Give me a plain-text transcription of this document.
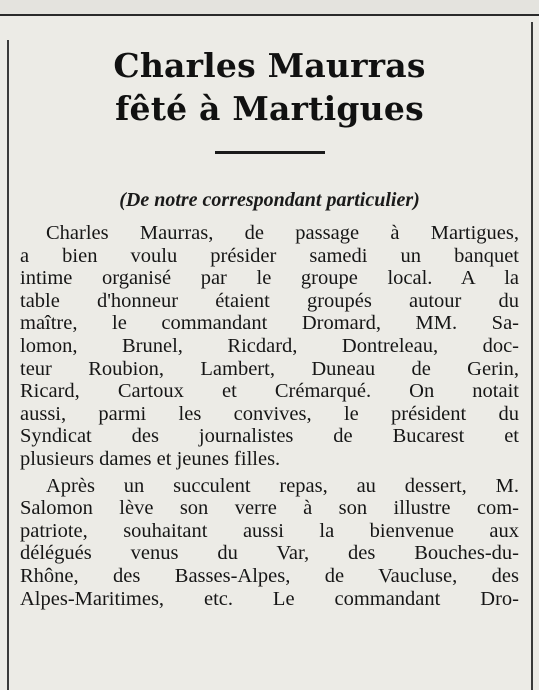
Charles Maurras
fêté à Martigues

(De notre correspondant particulier)

Charles Maurras, de passage à Martigues,
a bien voulu présider samedi un banquet
intime organisé par le groupe local. A la
table d'honneur étaient groupés autour du
maître, le commandant Dromard, MM. Sa-
lomon, Brunel, Ricdard, Dontreleau, doc-
teur Roubion, Lambert, Duneau de Gerin,
Ricard, Cartoux et Crémarqué. On notait
aussi, parmi les convives, le président du
Syndicat des journalistes de Bucarest et
plusieurs dames et jeunes filles.

Après un succulent repas, au dessert, M.
Salomon lève son verre à son illustre com-
patriote, souhaitant aussi la bienvenue aux
délégués venus du Var, des Bouches-du-
Rhône, des Basses-Alpes, de Vaucluse, des
Alpes-Maritimes, etc. Le commandant Dro-
